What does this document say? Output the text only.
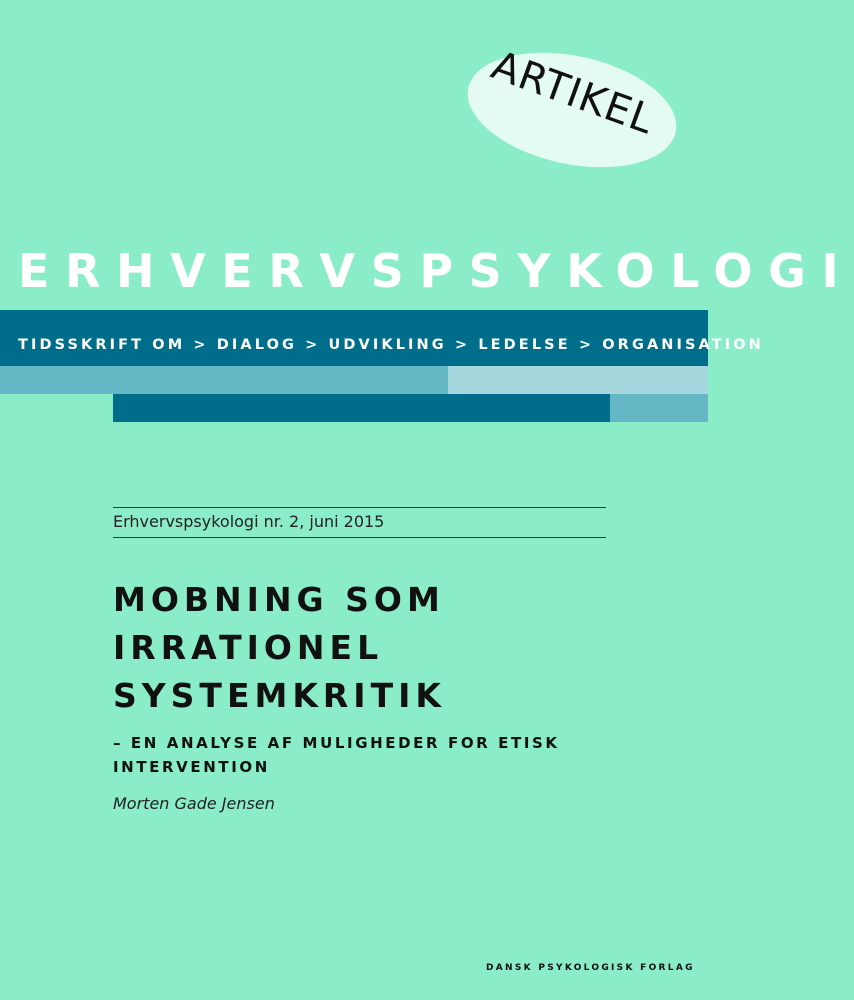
ARTIKEL
ERHVERVSPSYKOLOGI
TIDSSKRIFT OM > DIALOG > UDVIKLING > LEDELSE > ORGANISATION
Erhvervspsykologi nr. 2, juni 2015
MOBNING SOM
IRRATIONEL
SYSTEMKRITIK
– EN ANALYSE AF MULIGHEDER FOR ETISK INTERVENTION
Morten Gade Jensen
DANSK PSYKOLOGISK FORLAG
